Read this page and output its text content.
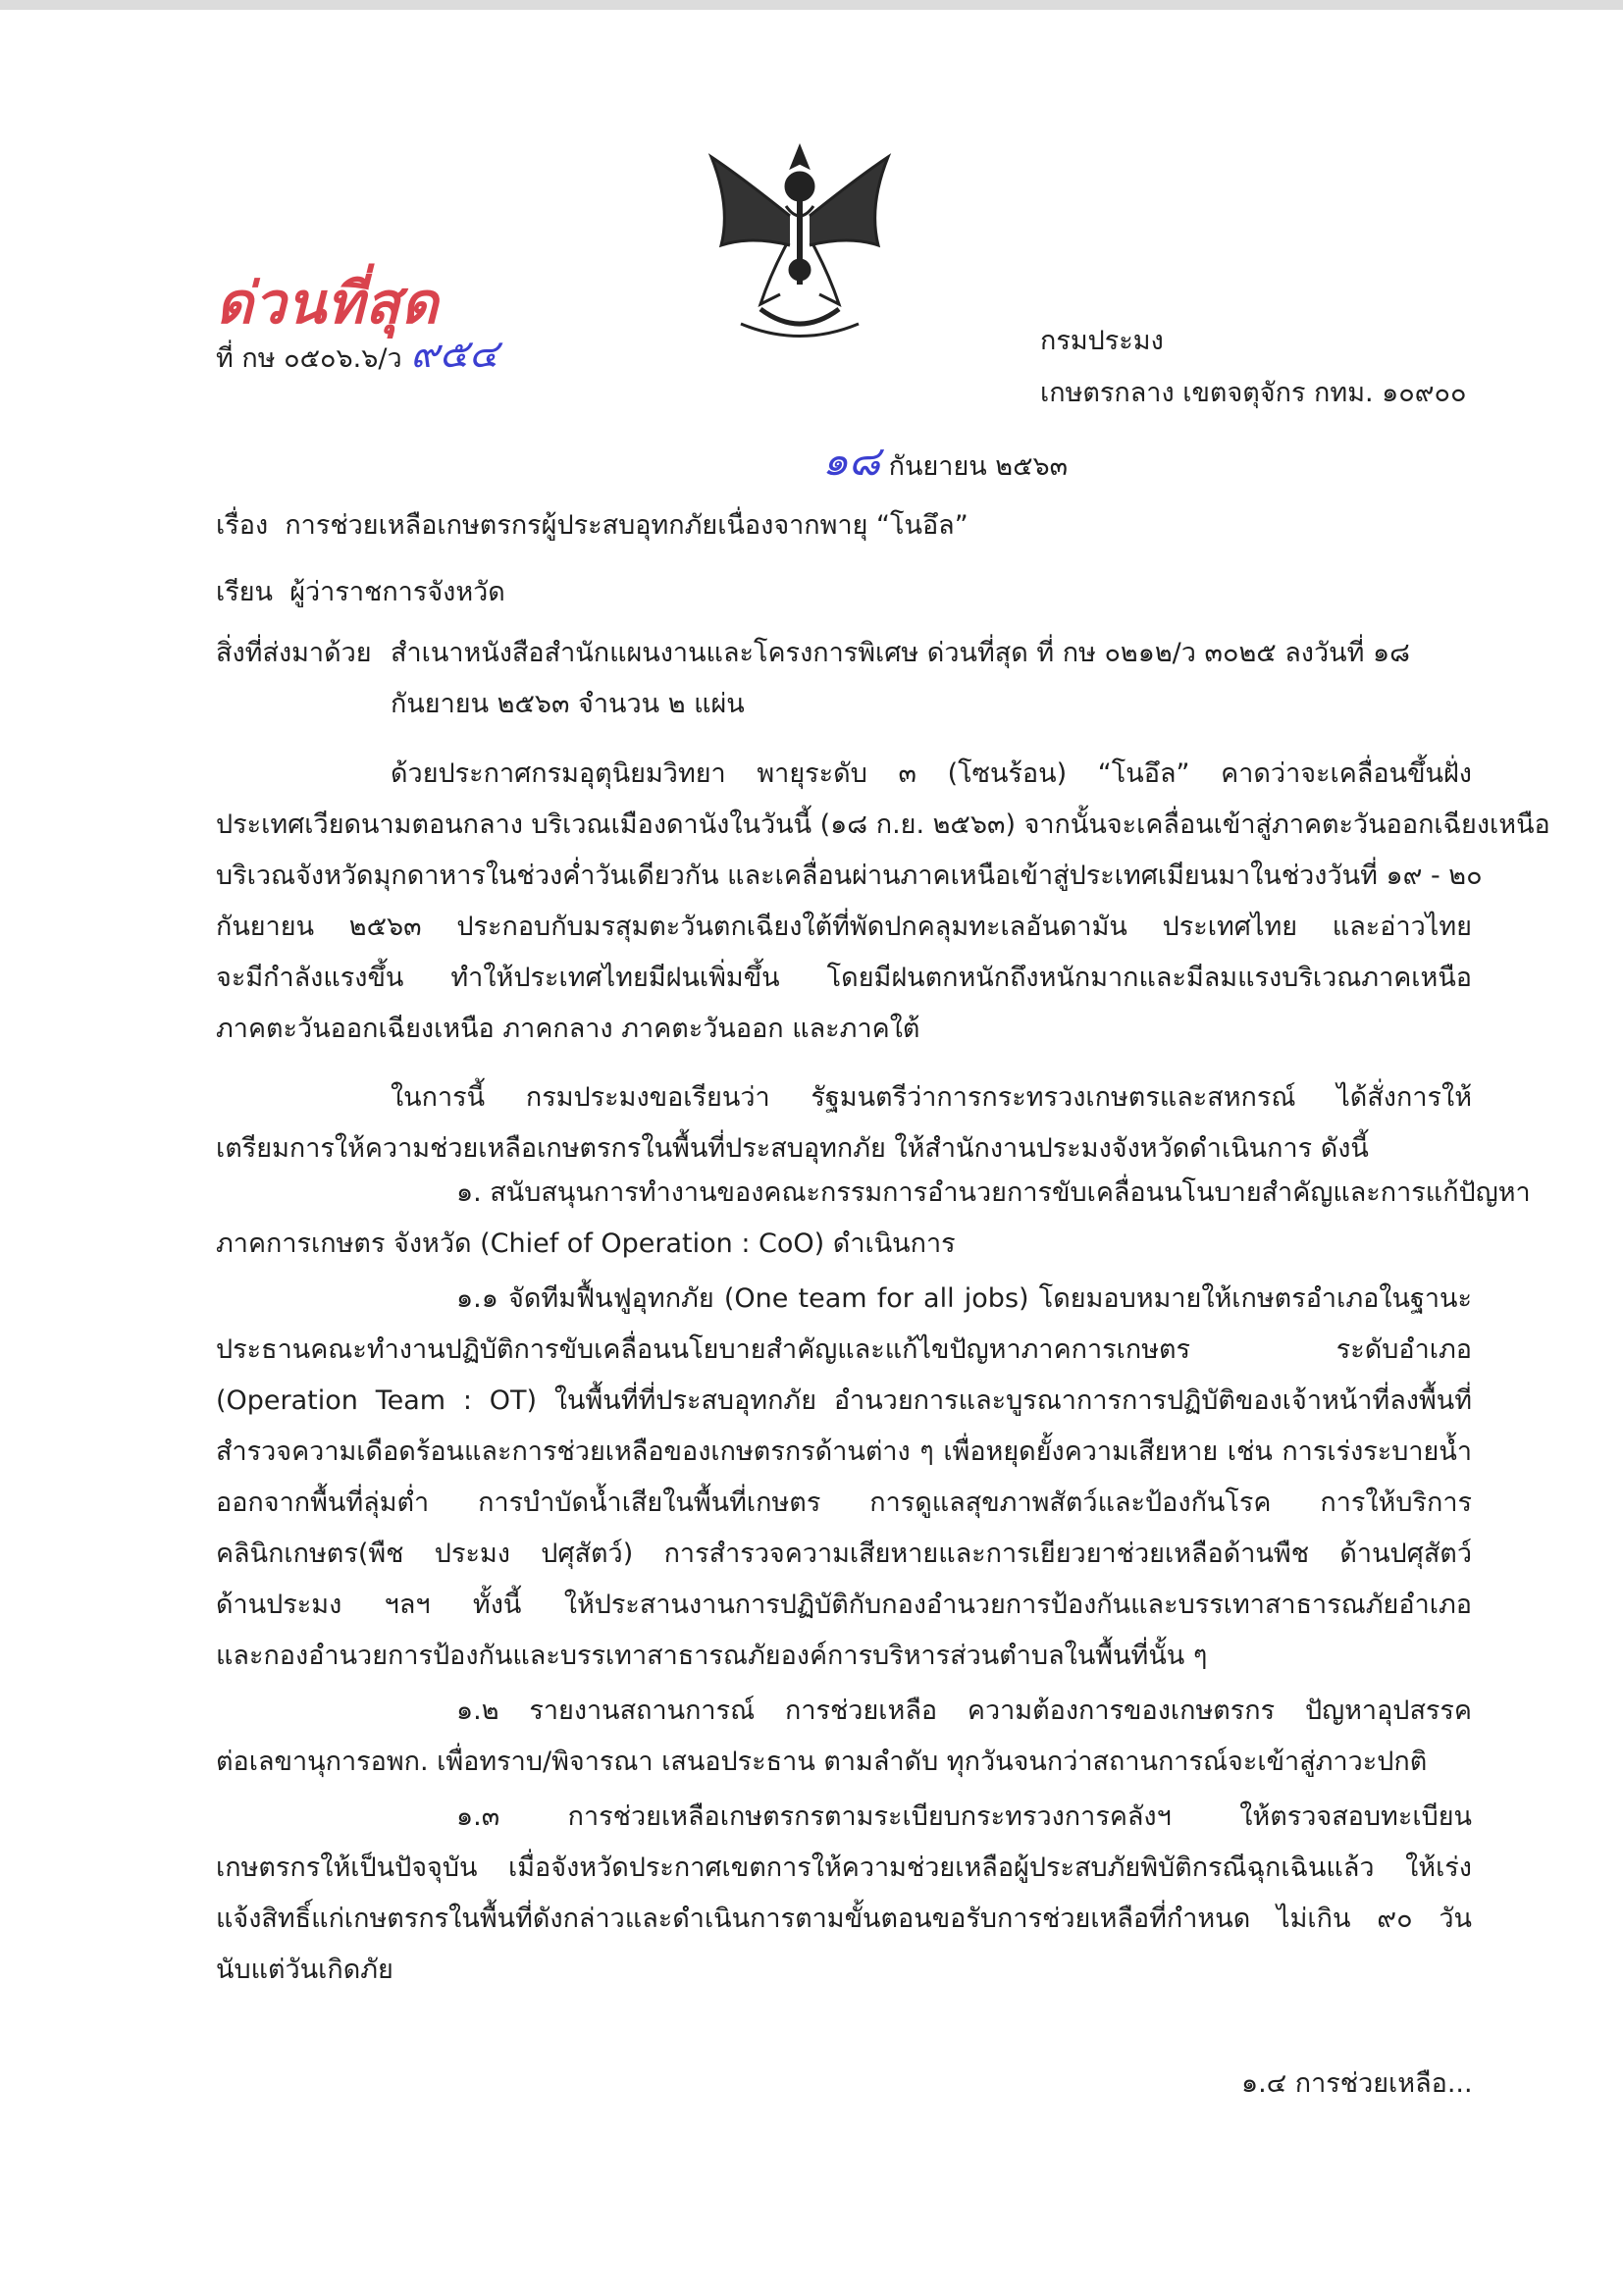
ด่วนที่สุด
ที่ กษ ๐๕๐๖.๖/ว ๙๕๔	กรมประมง
เกษตรกลาง เขตจตุจักร กทม. ๑๐๙๐๐
๑๘ กันยายน ๒๕๖๓
เรื่อง การช่วยเหลือเกษตรกรผู้ประสบอุทกภัยเนื่องจากพายุ “โนอึล”
เรียน ผู้ว่าราชการจังหวัด
สิ่งที่ส่งมาด้วย สำเนาหนังสือสำนักแผนงานและโครงการพิเศษ ด่วนที่สุด ที่ กษ ๐๒๑๒/ว ๓๐๒๕ ลงวันที่ ๑๘
กันยายน ๒๕๖๓ จำนวน ๒ แผ่น
ด้วยประกาศกรมอุตุนิยมวิทยา พายุระดับ ๓ (โซนร้อน) “โนอึล” คาดว่าจะเคลื่อนขึ้นฝั่ง
ประเทศเวียดนามตอนกลาง บริเวณเมืองดานังในวันนี้ (๑๘ ก.ย. ๒๕๖๓) จากนั้นจะเคลื่อนเข้าสู่ภาคตะวันออกเฉียงเหนือ
บริเวณจังหวัดมุกดาหารในช่วงค่ำวันเดียวกัน และเคลื่อนผ่านภาคเหนือเข้าสู่ประเทศเมียนมาในช่วงวันที่ ๑๙ - ๒๐
กันยายน ๒๕๖๓ ประกอบกับมรสุมตะวันตกเฉียงใต้ที่พัดปกคลุมทะเลอันดามัน ประเทศไทย และอ่าวไทย
จะมีกำลังแรงขึ้น ทำให้ประเทศไทยมีฝนเพิ่มขึ้น โดยมีฝนตกหนักถึงหนักมากและมีลมแรงบริเวณภาคเหนือ
ภาคตะวันออกเฉียงเหนือ ภาคกลาง ภาคตะวันออก และภาคใต้
ในการนี้ กรมประมงขอเรียนว่า รัฐมนตรีว่าการกระทรวงเกษตรและสหกรณ์ ได้สั่งการให้
เตรียมการให้ความช่วยเหลือเกษตรกรในพื้นที่ประสบอุทกภัย ให้สำนักงานประมงจังหวัดดำเนินการ ดังนี้
๑. สนับสนุนการทำงานของคณะกรรมการอำนวยการขับเคลื่อนนโนบายสำคัญและการแก้ปัญหา
ภาคการเกษตร จังหวัด (Chief of Operation : CoO) ดำเนินการ
๑.๑ จัดทีมฟื้นฟูอุทกภัย (One team for all jobs) โดยมอบหมายให้เกษตรอำเภอในฐานะ
ประธานคณะทำงานปฏิบัติการขับเคลื่อนนโยบายสำคัญและแก้ไขปัญหาภาคการเกษตร ระดับอำเภอ
(Operation Team : OT) ในพื้นที่ที่ประสบอุทกภัย อำนวยการและบูรณาการการปฏิบัติของเจ้าหน้าที่ลงพื้นที่
สำรวจความเดือดร้อนและการช่วยเหลือของเกษตรกรด้านต่าง ๆ เพื่อหยุดยั้งความเสียหาย เช่น การเร่งระบายน้ำ
ออกจากพื้นที่ลุ่มต่ำ การบำบัดน้ำเสียในพื้นที่เกษตร การดูแลสุขภาพสัตว์และป้องกันโรค การให้บริการ
คลินิกเกษตร(พืช ประมง ปศุสัตว์) การสำรวจความเสียหายและการเยียวยาช่วยเหลือด้านพืช ด้านปศุสัตว์
ด้านประมง ฯลฯ ทั้งนี้ ให้ประสานงานการปฏิบัติกับกองอำนวยการป้องกันและบรรเทาสาธารณภัยอำเภอ
และกองอำนวยการป้องกันและบรรเทาสาธารณภัยองค์การบริหารส่วนตำบลในพื้นที่นั้น ๆ
๑.๒ รายงานสถานการณ์ การช่วยเหลือ ความต้องการของเกษตรกร ปัญหาอุปสรรค
ต่อเลขานุการอพก. เพื่อทราบ/พิจารณา เสนอประธาน ตามลำดับ ทุกวันจนกว่าสถานการณ์จะเข้าสู่ภาวะปกติ
๑.๓ การช่วยเหลือเกษตรกรตามระเบียบกระทรวงการคลังฯ ให้ตรวจสอบทะเบียน
เกษตรกรให้เป็นปัจจุบัน เมื่อจังหวัดประกาศเขตการให้ความช่วยเหลือผู้ประสบภัยพิบัติกรณีฉุกเฉินแล้ว ให้เร่ง
แจ้งสิทธิ์แก่เกษตรกรในพื้นที่ดังกล่าวและดำเนินการตามขั้นตอนขอรับการช่วยเหลือที่กำหนด ไม่เกิน ๙๐ วัน
นับแต่วันเกิดภัย
๑.๔ การช่วยเหลือ...
